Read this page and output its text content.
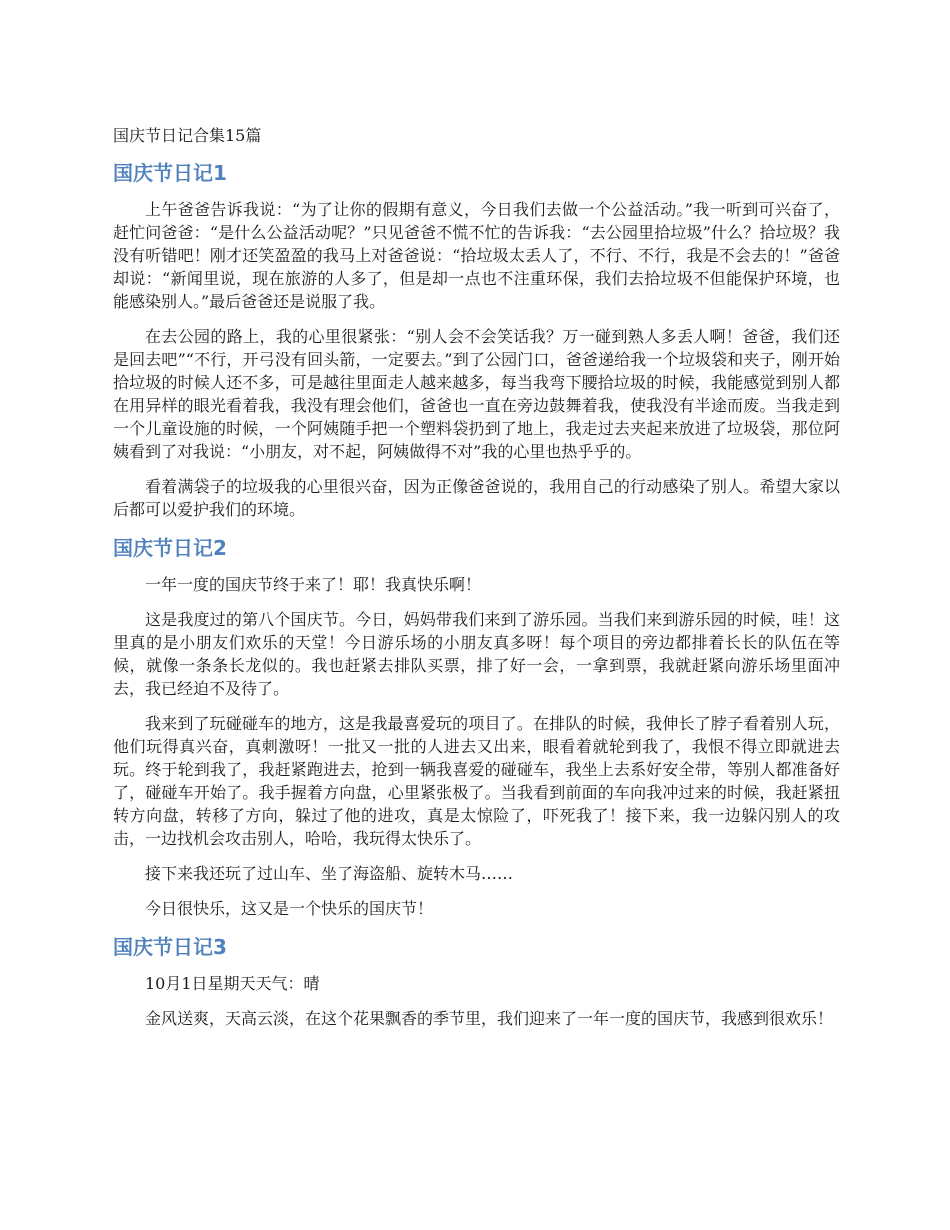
国庆节日记合集15篇
国庆节日记1

上午爸爸告诉我说：“为了让你的假期有意义，今日我们去做一个公益活动。”我一听到可兴奋了，赶忙问爸爸：“是什么公益活动呢？”只见爸爸不慌不忙的告诉我：“去公园里拾垃圾”什么？拾垃圾？我没有听错吧！刚才还笑盈盈的我马上对爸爸说：“拾垃圾太丢人了，不行、不行，我是不会去的！”爸爸却说：“新闻里说，现在旅游的人多了，但是却一点也不注重环保，我们去拾垃圾不但能保护环境，也能感染别人。”最后爸爸还是说服了我。

在去公园的路上，我的心里很紧张：“别人会不会笑话我？万一碰到熟人多丢人啊！爸爸，我们还是回去吧”“不行，开弓没有回头箭，一定要去。”到了公园门口，爸爸递给我一个垃圾袋和夹子，刚开始拾垃圾的时候人还不多，可是越往里面走人越来越多，每当我弯下腰拾垃圾的时候，我能感觉到别人都在用异样的眼光看着我，我没有理会他们，爸爸也一直在旁边鼓舞着我，使我没有半途而废。当我走到一个儿童设施的时候，一个阿姨随手把一个塑料袋扔到了地上，我走过去夹起来放进了垃圾袋，那位阿姨看到了对我说：“小朋友，对不起，阿姨做得不对”我的心里也热乎乎的。

看着满袋子的垃圾我的心里很兴奋，因为正像爸爸说的，我用自己的行动感染了别人。希望大家以后都可以爱护我们的环境。

国庆节日记2

一年一度的国庆节终于来了！耶！我真快乐啊！

这是我度过的第八个国庆节。今日，妈妈带我们来到了游乐园。当我们来到游乐园的时候，哇！这里真的是小朋友们欢乐的天堂！今日游乐场的小朋友真多呀！每个项目的旁边都排着长长的队伍在等候，就像一条条长龙似的。我也赶紧去排队买票，排了好一会，一拿到票，我就赶紧向游乐场里面冲去，我已经迫不及待了。

我来到了玩碰碰车的地方，这是我最喜爱玩的项目了。在排队的时候，我伸长了脖子看着别人玩，他们玩得真兴奋，真刺激呀！一批又一批的人进去又出来，眼看着就轮到我了，我恨不得立即就进去玩。终于轮到我了，我赶紧跑进去，抢到一辆我喜爱的碰碰车，我坐上去系好安全带，等别人都准备好了，碰碰车开始了。我手握着方向盘，心里紧张极了。当我看到前面的车向我冲过来的时候，我赶紧扭转方向盘，转移了方向，躲过了他的进攻，真是太惊险了，吓死我了！接下来，我一边躲闪别人的攻击，一边找机会攻击别人，哈哈，我玩得太快乐了。

接下来我还玩了过山车、坐了海盗船、旋转木马……

今日很快乐，这又是一个快乐的国庆节！

国庆节日记3

10月1日星期天天气：晴

金风送爽，天高云淡，在这个花果飘香的季节里，我们迎来了一年一度的国庆节，我感到很欢乐！
